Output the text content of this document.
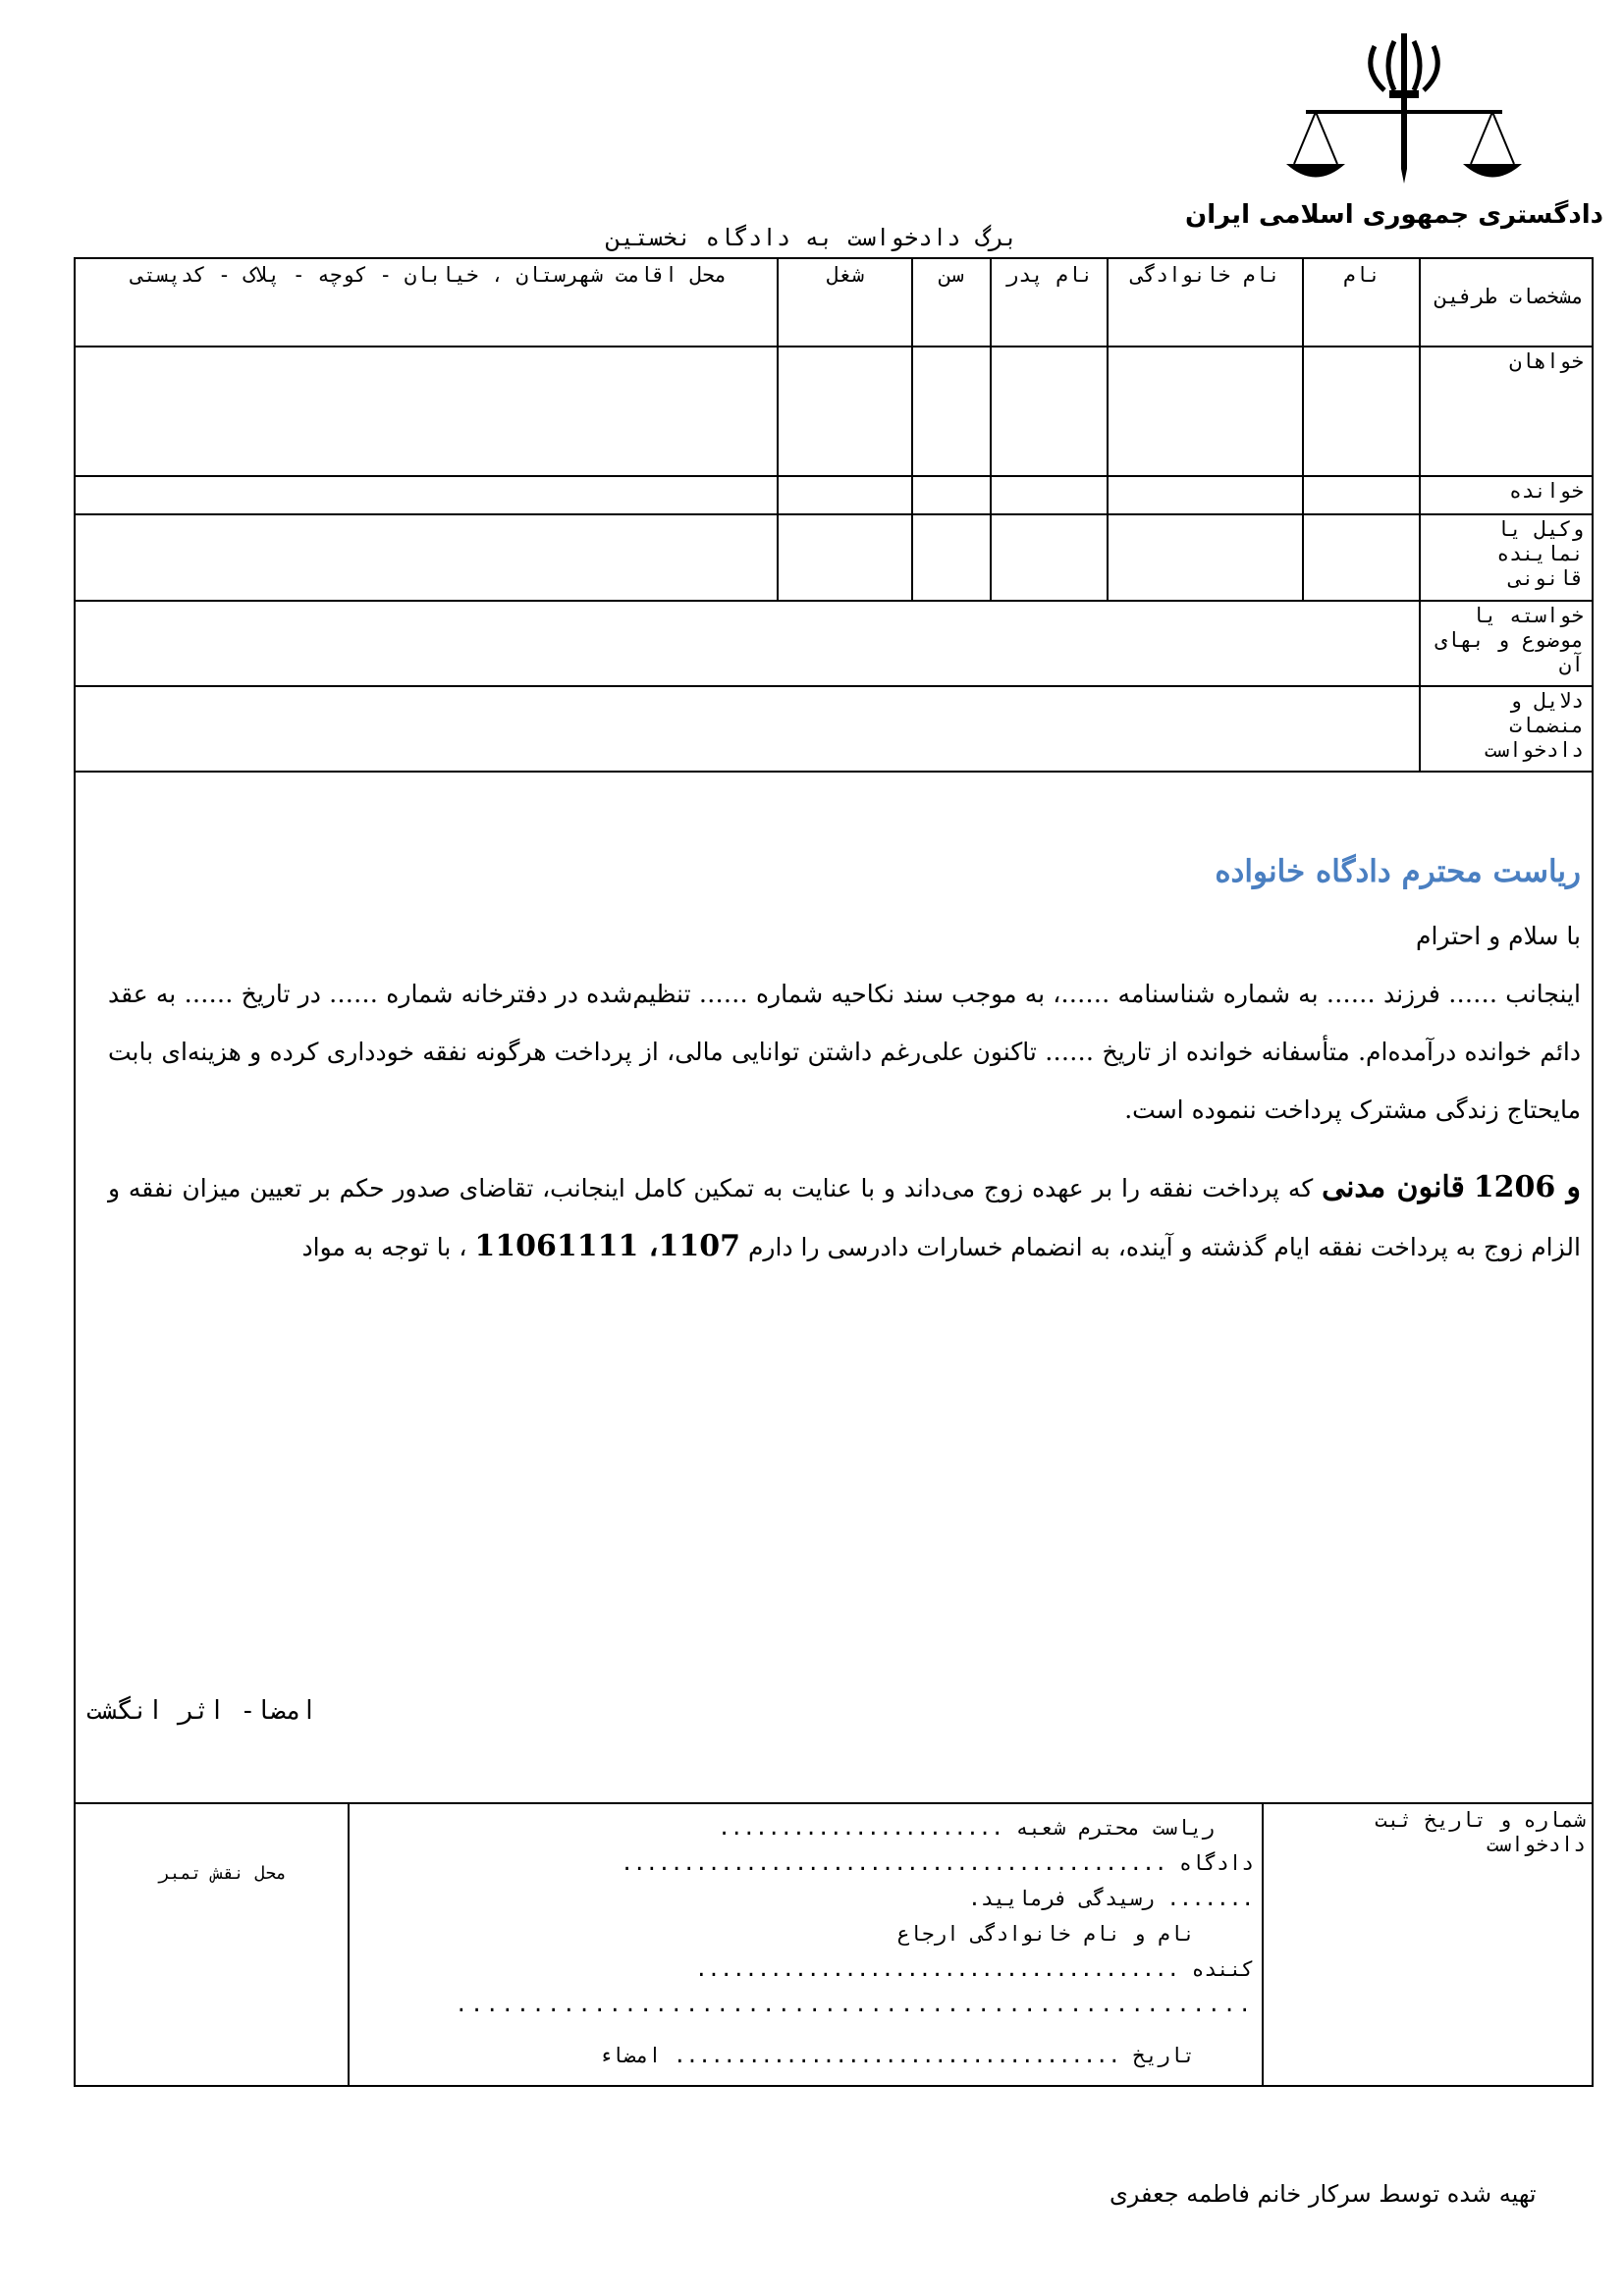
دادگستری جمهوری اسلامی ایران
برگ دادخواست به دادگاه نخستین
مشخصات طرفین
نام
نام خانوادگی
نام پدر
سن
شغل
محل اقامت شهرستان ، خیابان - کوچه - پلاک - کدپستی
خواهان
خوانده
وکیل یا نماینده قانونی
خواسته یا موضوع و بهای آن
دلایل و منضمات دادخواست
شماره و تاریخ ثبت دادخواست
ریاست محترم شعبه .......................
دادگاه ............................................
....... رسیدگی فرمایید.
نام و نام خانوادگی ارجاع
کننده .......................................
....................................................
تاریخ .................................... امضاء
محل نقش تمبر
ریاست محترم دادگاه خانواده

با سلام و احترام

اینجانب …… فرزند …… به شماره شناسنامه ……، به موجب سند نکاحیه شماره …… تنظیم‌شده در دفترخانه شماره …… در تاریخ …… به عقد دائم خوانده درآمده‌ام. متأسفانه خوانده از تاریخ …… تاکنون علی‌رغم داشتن توانایی مالی، از پرداخت هرگونه نفقه خودداری کرده و هزینه‌ای بابت مایحتاج زندگی مشترک پرداخت ننموده است.

و 1206 قانون مدنی که پرداخت نفقه را بر عهده زوج می‌داند و با عنایت به تمکین کامل اینجانب، تقاضای صدور حکم بر تعیین میزان نفقه و الزام زوج به پرداخت نفقه ایام گذشته و آینده، به انضمام خسارات دادرسی را دارم 1107، 11061111 ، با توجه به مواد

امضا- اثر انگشت
تهیه شده توسط سرکار خانم فاطمه جعفری
